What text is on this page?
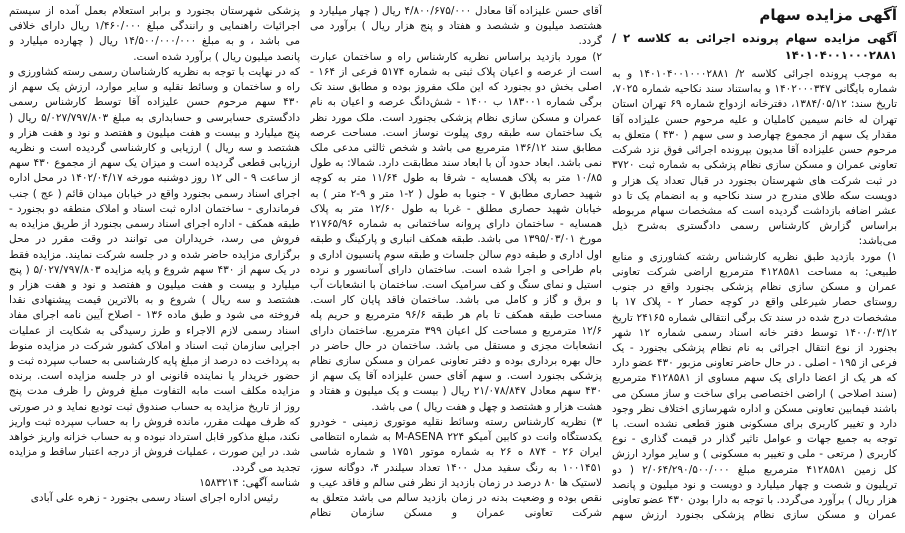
آگهی مزایده سهام
آگهی مزایده سهام پرونده اجرائی به کلاسه ۲ /
۱۴۰۱۰۴۰۰۱۰۰۰۲۸۸۱

به موجب پرونده اجرائی کلاسه ۲/ ۱۴۰۱۰۴۰۰۱۰۰۰۲۸۸۱ و به شماره بایگانی ۱۴۰۲۰۰۰۳۴۷ و به‌استناد سند نکاحیه شماره ۷۰۲۵، تاریخ سند: ۱۳۸۴/۰۵/۱۲، دفترخانه ازدواج شماره ۶۹ تهران استان تهران له خانم سیمین کاملیان و علیه مرحوم حسن علیزاده آقا مقدار یک سهم از مجموع چهارصد و سی سهم ( ۴۳۰ ) متعلق به مرحوم حسن علیزاده آقا مدیون بپرونده اجرائی فوق نزد شرکت تعاونی عمران و مسکن سازی نظام پزشکی به شماره ثبت ۳۷۲۰ در ثبت شرکت های شهرستان بجنورد در قبال تعداد یک هزار و دویست سکه طلای مندرج در سند نکاحیه و به انضمام یک تا دو عشر اضافه بازداشت گردیده است که مشخصات سهام مربوطه براساس گزارش کارشناس رسمی دادگستری به‌شرح ذیل می‌باشد:

۱) مورد بازدید طبق نظریه کارشناس رشته کشاورزی و منابع طبیعی: به مساحت ۴۱۲۸۵۸۱ مترمربع اراضی شرکت تعاونی عمران و مسکن سازی نظام پزشکی بجنورد واقع در جنوب روستای حصار شیرعلی واقع در کوچه حصار ۲ - پلاک ۱۷ با مشخصات درج شده در سند تک برگی انتقالی شماره ۲۴۱۶۵ تاریخ ۱۴۰۰/۰۳/۱۲ توسط دفتر خانه اسناد رسمی شماره ۱۲ شهر بجنورد از نوع انتقال اجرائی به نام نظام پزشکی بجنورد - یک فرعی از ۱۹۵ - اصلی . در حال حاضر تعاونی مزبور ۴۳۰ عضو دارد که هر یک از اعضا دارای یک سهم مساوی از ۴۱۲۸۵۸۱ مترمربع (سند اصلاحی ) اراضی اختصاصی برای ساخت و ساز مسکن می باشند فیمابین تعاونی مسکن و اداره شهرسازی اختلاف نظر وجود دارد و تغییر کاربری برای مسکونی هنوز قطعی نشده است. با توجه به جمیع جهات و عوامل تاثیر گذار در قیمت گذاری - نوع کاربری ( مرتعی - ملی و تغییر به مسکونی ) و سایر موارد ارزش کل زمین ۴۱۲۸۵۸۱ مترمربع مبلغ ۲/۰۶۴/۲۹۰/۵۰۰/۰۰۰ ( دو تریلیون و شصت و چهار میلیارد و دویست و نود میلیون و پانصد هزار ریال ) برآورد می‌گردد. با توجه به دارا بودن ۴۳۰ عضو تعاونی عمران و مسکن سازی نظام پزشکی بجنورد ارزش سهم

آقای حسن علیزاده آقا معادل ۴/۸۰۰/۶۷۵/۰۰۰ ریال ( چهار میلیارد و هشتصد میلیون و ششصد و هفتاد و پنج هزار ریال ) برآورد می گردد.

۲) مورد بازدید براساس نظریه کارشناس راه و ساختمان عبارت است از عرصه و اعیان پلاک ثبتی به شماره ۵۱۷۴ فرعی از ۱۶۴ - اصلی بخش دو بجنورد که این ملک مفروز بوده و مطابق سند تک برگی شماره ۱۸۳۰۰۱ ب ۱۴۰۰ - شش‌دانگ عرصه و اعیان به نام عمران و مسکن سازی نظام پزشکی بجنورد است. ملک مورد نظر یک ساختمان سه طبقه روی پیلوت نوساز است. مساحت عرصه مطابق سند ۱۳۶/۱۲ مترمربع می باشد و شخص ثالثی مدعی ملک نمی باشد. ابعاد حدود آن با ابعاد سند مطابقت دارد. شمالا: به طول ۱۰/۸۵ متر به پلاک همسایه - شرقا به طول ۱۱/۶۴ متر به کوچه شهید حصاری مطابق ۷ - جنوبا به طول ( ۲-۱ متر و ۹-۲ متر ) به خیابان شهید حصاری مطلق - غربا به طول ۱۲/۶۰ متر به پلاک همسایه - ساختمان دارای پروانه ساختمانی به شماره ۲۱۷۶۵/۹۶ مورخ ۱۳۹۵/۰۳/۰۱ می باشد. طبقه همکف انباری و پارکینگ و طبقه اول اداری و طبقه دوم سالن جلسات و طبقه سوم پانسیون اداری و بام طراحی و اجرا شده است. ساختمان دارای آسانسور و نرده استیل و نمای سنگ و کف سرامیک است. ساختمان با انشعابات آب و برق و گاز و کامل می باشد. ساختمان فاقد پایان کار است. مساحت طبقه همکف تا بام هر طبقه ۹۶/۶ مترمربع و حریم پله ۱۲/۶ مترمربع و مساحت کل اعیان ۳۹۹ مترمربع. ساختمان دارای انشعابات مجزی و مستقل می باشد. ساختمان در حال حاضر در حال بهره برداری بوده و دفتر تعاونی عمران و مسکن سازی نظام پزشکی بجنورد است. و سهم آقای حسن علیزاده آقا یک سهم از ۴۳۰ سهم معادل ۲۱/۰۷۸/۸۴۷ ریال ( بیست و یک میلیون و هفتاد و هشت هزار و هشتصد و چهل و هفت ریال ) می باشد.

۳) نظریه کارشناس رسته وسائط نقلیه موتوری زمینی - خودرو یکدستگاه وانت دو کابین آمیکو M-ASENA ۲۲۴ به شماره انتظامی ایران ۲۶ - ۸۷۴ ه ۲۶ به شماره موتور ۱۷۵۱ و شماره شاسی ۱۰۰۱۴۵۱ به رنگ سفید مدل ۱۴۰۰ تعداد سیلندر ۴، دوگانه سوز، لاستیک ها ۸۰ درصد در زمان بازدید از نظر فنی سالم و فاقد عیب و نقص بوده و وضعیت بدنه در زمان بازدید سالم می باشد متعلق به شرکت تعاونی عمران و مسکن سازمان نظام

پزشکی شهرستان بجنورد و برابر استعلام بعمل آمده از سیستم اجرائیات راهنمایی و رانندگی مبلغ ۱/۴۶۰/۰۰۰ ریال دارای خلافی می باشد ، و به مبلغ ۱۴/۵۰۰/۰۰۰/۰۰۰ ریال ( چهارده میلیارد و پانصد میلیون ریال ) برآورد شده است.

که در نهایت با توجه به نظریه کارشناسان رسمی رسته کشاورزی و راه و ساختمان و وسائط نقلیه و سایر موارد، ارزش یک سهم از ۴۳۰ سهم مرحوم حسن علیزاده آقا توسط کارشناس رسمی دادگستری حسابرسی و حسابداری به مبلغ ۵/۰۲۷/۷۹۷/۸۰۳ ریال ( پنج میلیارد و بیست و هفت میلیون و هفتصد و نود و هفت هزار و هشتصد و سه ریال ) ارزیابی و کارشناسی گردیده است و نظریه ارزیابی قطعی گردیده است و میزان یک سهم از مجموع ۴۳۰ سهم از ساعت ۹ - الی ۱۲ روز دوشنبه مورخه ۱۴۰۲/۰۴/۱۷ در محل اداره اجرای اسناد رسمی بجنورد واقع در خیابان میدان قائم ( عج ) جنب فرمانداری - ساختمان اداره ثبت اسناد و املاک منطقه دو بجنورد - طبقه همکف - اداره اجرای اسناد رسمی بجنورد از طریق مزایده به فروش می رسد، خریداران می توانند در وقت مقرر در محل برگزاری مزایده حاضر شده و در جلسه شرکت نمایند. مزایده فقط در یک سهم از ۴۳۰ سهم شروع و پایه مزایده ۵/۰۲۷/۷۹۷/۸۰۳ ( پنج میلیارد و بیست و هفت میلیون و هفتصد و نود و هفت هزار و هشتصد و سه ریال ) شروع و به بالاترین قیمت پیشنهادی نقدا فروخته می شود و طبق ماده ۱۳۶ - اصلاح آیین نامه اجرای مفاد اسناد رسمی لازم الاجراء و طرز رسیدگی به شکایت از عملیات اجرایی سازمان ثبت اسناد و املاک کشور شرکت در مزایده منوط به پرداخت ده درصد از مبلغ پایه کارشناسی به حساب سپرده ثبت و حضور خریدار یا نماینده قانونی او در جلسه مزایده است. برنده مزایده مکلف است مابه التفاوت مبلغ فروش را ظرف مدت پنج روز از تاریخ مزایده به حساب صندوق ثبت تودیع نماید و در صورتی که ظرف مهلت مقرر، مانده فروش را به حساب سپرده ثبت واریز نکند، مبلغ مذکور قابل استرداد نبوده و به حساب خزانه واریز خواهد شد. در این صورت ، عملیات فروش از درجه اعتبار ساقط و مزایده تجدید می گردد.

شناسه آگهی: ۱۵۸۳۲۱۴

رئیس اداره اجرای اسناد رسمی بجنورد - زهره علی آبادی
